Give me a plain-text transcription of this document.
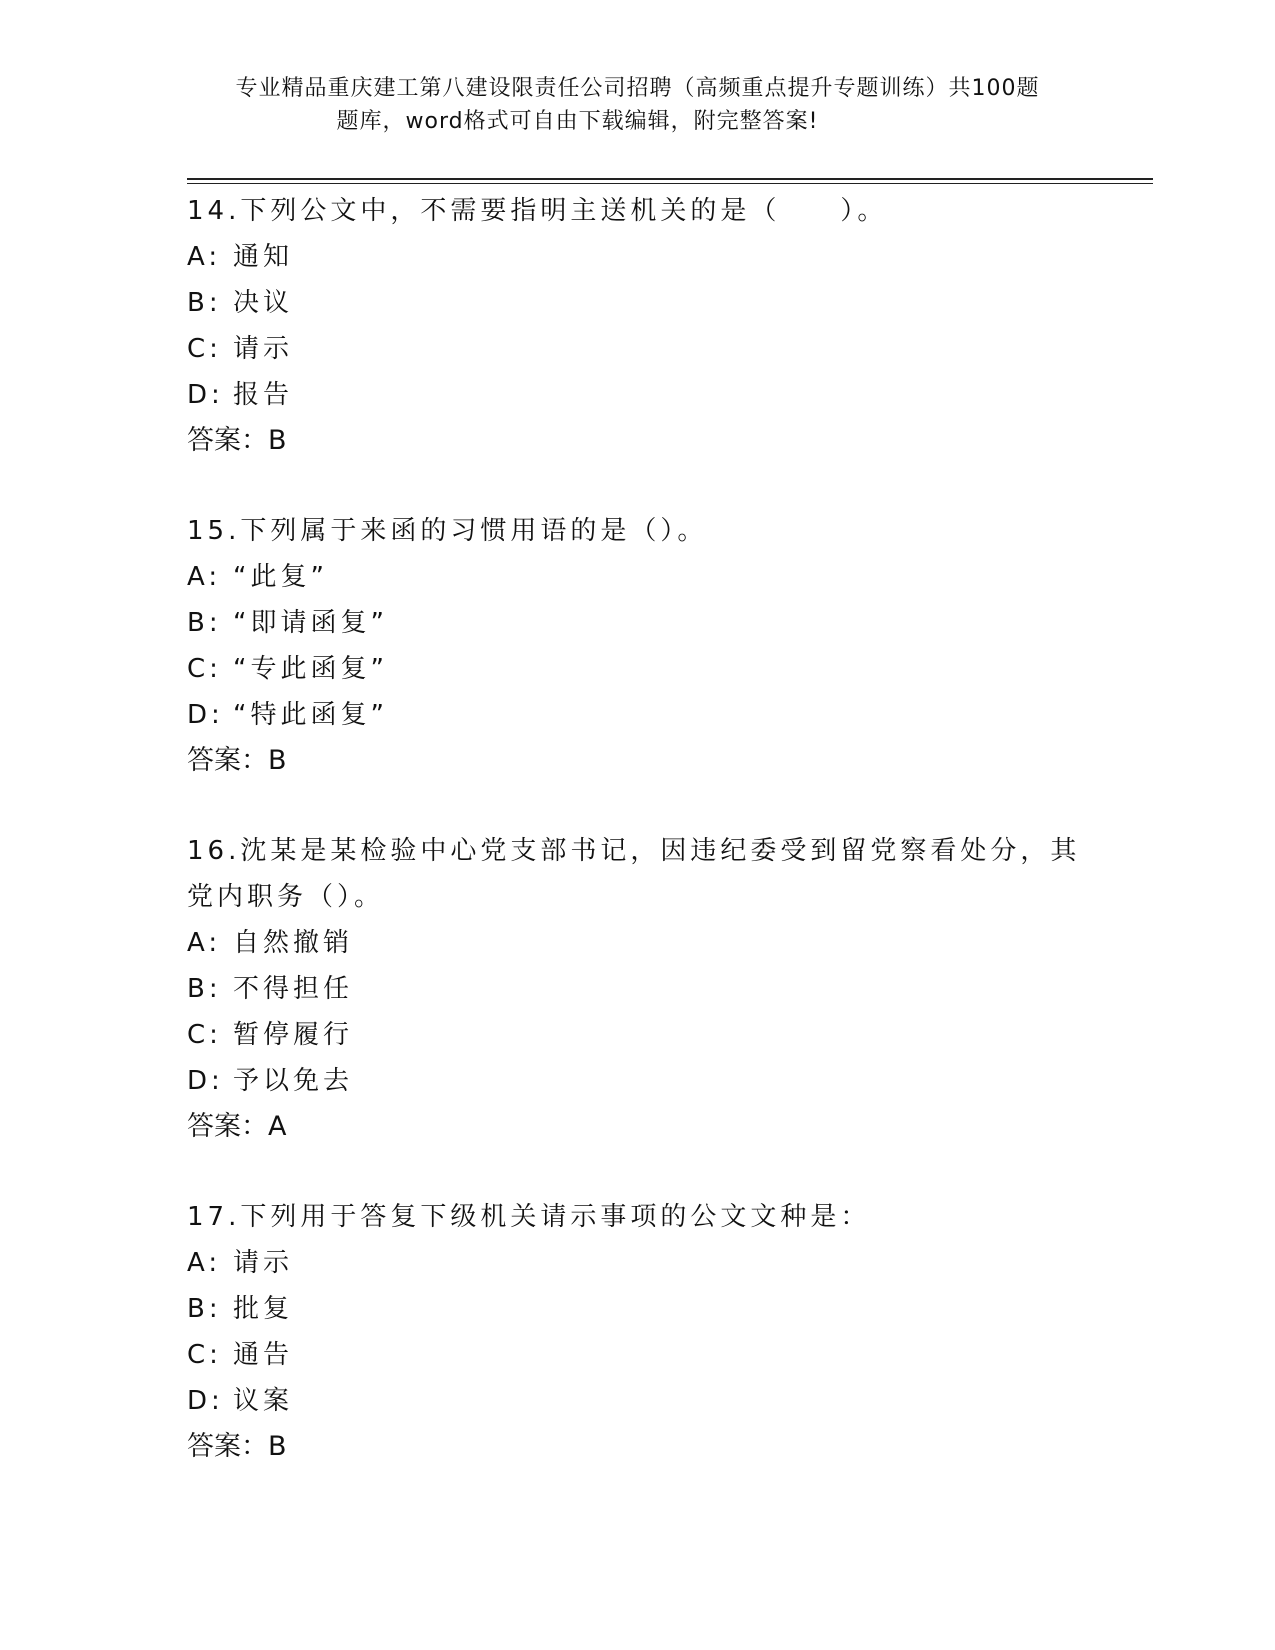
专业精品重庆建工第八建设限责任公司招聘（高频重点提升专题训练）共100题
题库，word格式可自由下载编辑，附完整答案!
14.下列公文中，不需要指明主送机关的是（　　）。
A: 通知
B: 决议
C: 请示
D: 报告
答案：B
15.下列属于来函的习惯用语的是（）。
A: “此复”
B: “即请函复”
C: “专此函复”
D: “特此函复”
答案：B
16.沈某是某检验中心党支部书记，因违纪委受到留党察看处分，其党内职务（）。
A: 自然撤销
B: 不得担任
C: 暂停履行
D: 予以免去
答案：A
17.下列用于答复下级机关请示事项的公文文种是：
A: 请示
B: 批复
C: 通告
D: 议案
答案：B
